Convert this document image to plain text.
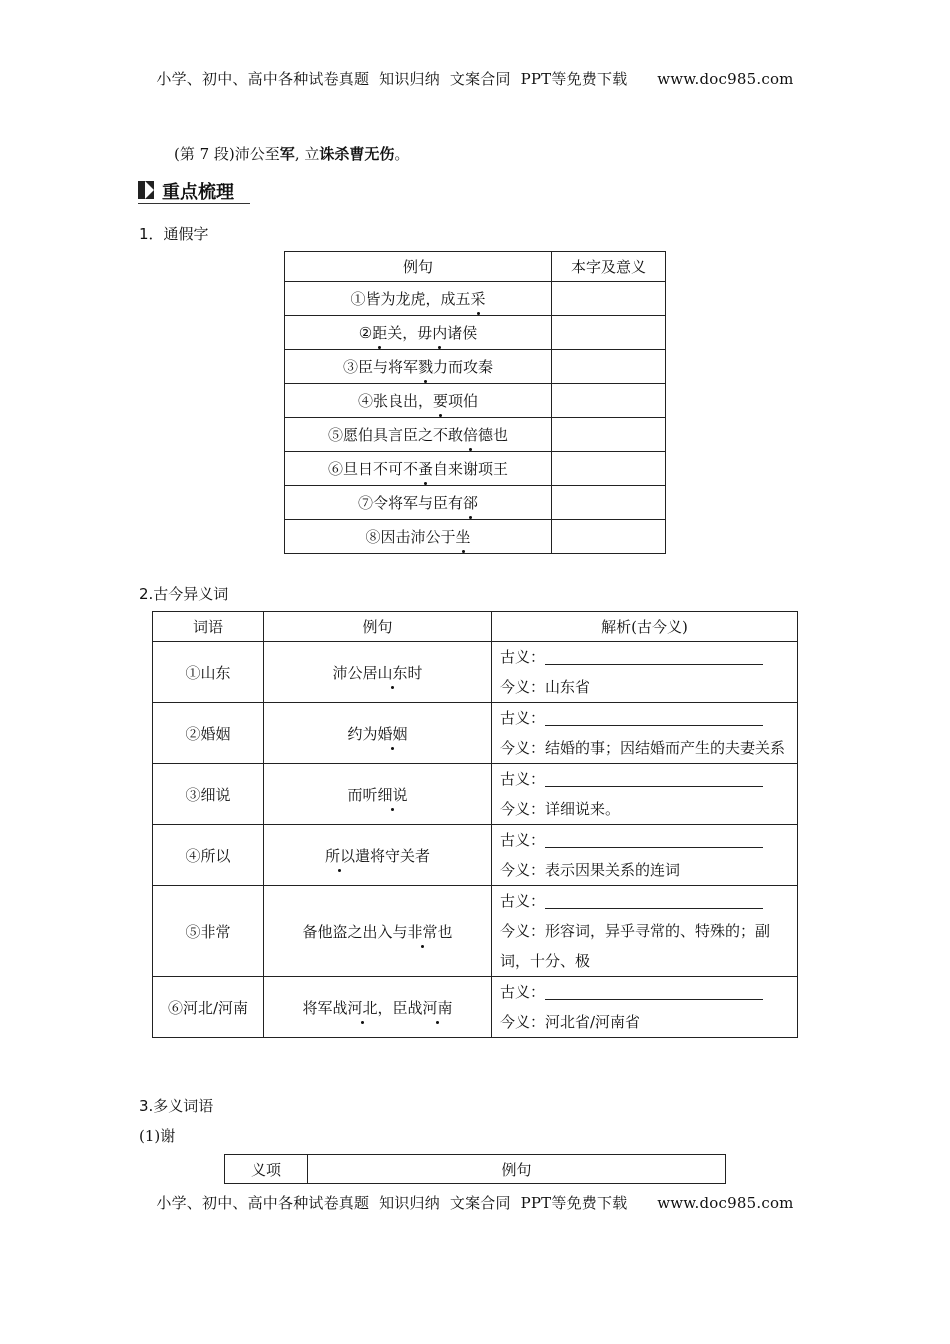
小学、初中、高中各种试卷真题  知识归纳  文案合同  PPT等免费下载      www.doc985.com
(第 7 段)沛公至军, 立诛杀曹无伤。
重点梳理
1．通假字
例句	本字及意义
①皆为龙虎，成五采	
②距关，毋内诸侯	
③臣与将军戮力而攻秦	
④张良出，要项伯	
⑤愿伯具言臣之不敢倍德也	
⑥旦日不可不蚤自来谢项王	
⑦令将军与臣有郤	
⑧因击沛公于坐	
2.古今异义词
词语	例句	解析(古今义)
①山东	沛公居山东时	古义：
今义：山东省

②婚姻	约为婚姻	古义：
今义：结婚的事；因结婚而产生的夫妻关系

③细说	而听细说	古义：
今义：详细说来。

④所以	所以遣将守关者	古义：
今义：表示因果关系的连词

⑤非常	备他盗之出入与非常也	古义：
今义：形容词，异乎寻常的、特殊的；副词，十分、极

⑥河北/河南	将军战河北，臣战河南	古义：
今义：河北省/河南省
3.多义词语
(1)谢
义项	例句
小学、初中、高中各种试卷真题  知识归纳  文案合同  PPT等免费下载      www.doc985.com
